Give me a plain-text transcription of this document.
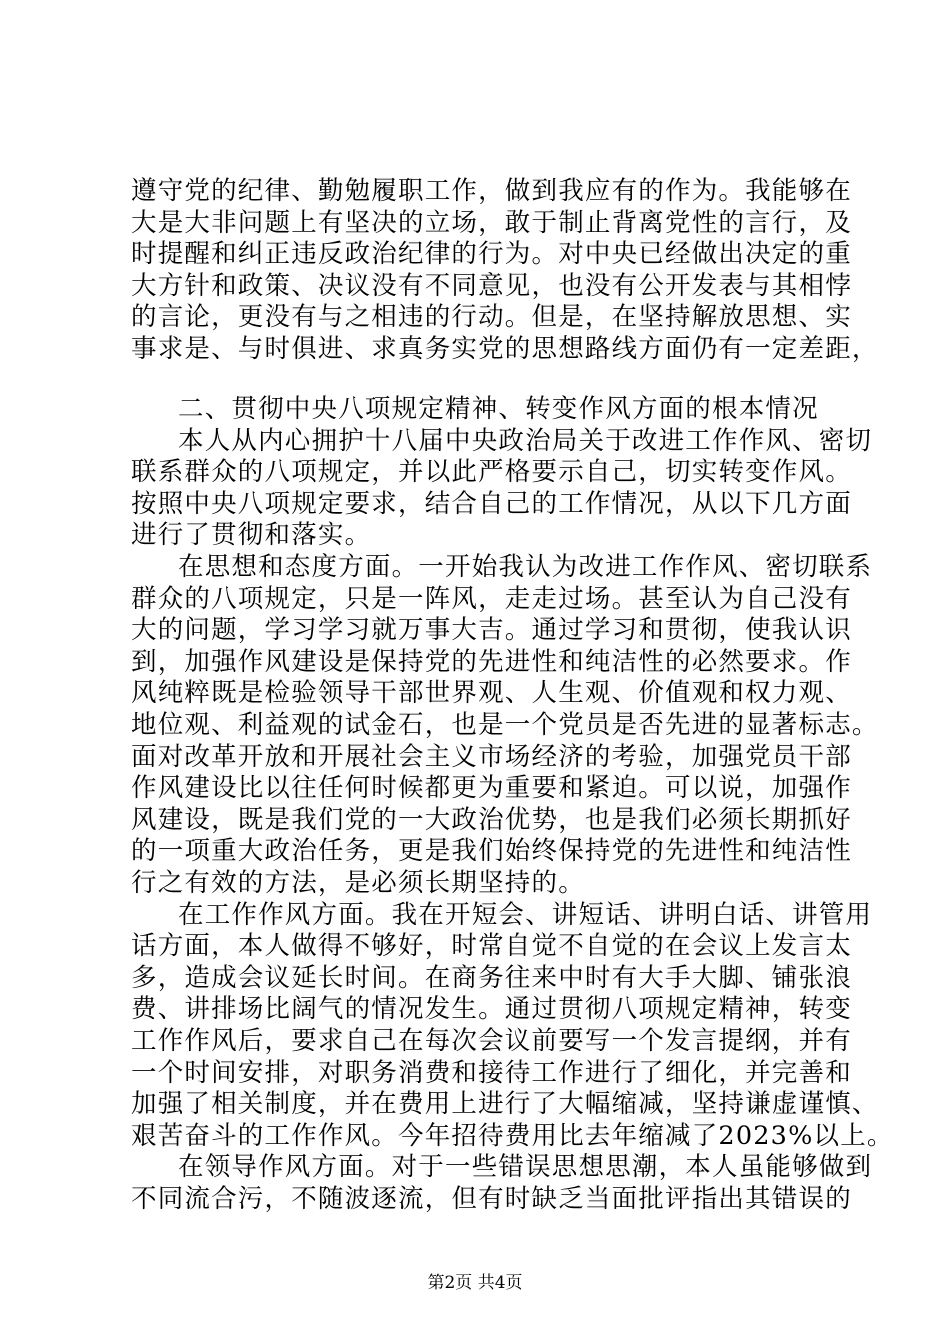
遵守党的纪律、勤勉履职工作，做到我应有的作为。我能够在
大是大非问题上有坚决的立场，敢于制止背离党性的言行，及
时提醒和纠正违反政治纪律的行为。对中央已经做出决定的重
大方针和政策、决议没有不同意见，也没有公开发表与其相悖
的言论，更没有与之相违的行动。但是，在坚持解放思想、实
事求是、与时俱进、求真务实党的思想路线方面仍有一定差距，
二、贯彻中央八项规定精神、转变作风方面的根本情况
本人从内心拥护十八届中央政治局关于改进工作作风、密切
联系群众的八项规定，并以此严格要示自己，切实转变作风。
按照中央八项规定要求，结合自己的工作情况，从以下几方面
进行了贯彻和落实。
在思想和态度方面。一开始我认为改进工作作风、密切联系
群众的八项规定，只是一阵风，走走过场。甚至认为自己没有
大的问题，学习学习就万事大吉。通过学习和贯彻，使我认识
到，加强作风建设是保持党的先进性和纯洁性的必然要求。作
风纯粹既是检验领导干部世界观、人生观、价值观和权力观、
地位观、利益观的试金石，也是一个党员是否先进的显著标志。
面对改革开放和开展社会主义市场经济的考验，加强党员干部
作风建设比以往任何时候都更为重要和紧迫。可以说，加强作
风建设，既是我们党的一大政治优势，也是我们必须长期抓好
的一项重大政治任务，更是我们始终保持党的先进性和纯洁性
行之有效的方法，是必须长期坚持的。
在工作作风方面。我在开短会、讲短话、讲明白话、讲管用
话方面，本人做得不够好，时常自觉不自觉的在会议上发言太
多，造成会议延长时间。在商务往来中时有大手大脚、铺张浪
费、讲排场比阔气的情况发生。通过贯彻八项规定精神，转变
工作作风后，要求自己在每次会议前要写一个发言提纲，并有
一个时间安排，对职务消费和接待工作进行了细化，并完善和
加强了相关制度，并在费用上进行了大幅缩减，坚持谦虚谨慎、
艰苦奋斗的工作作风。今年招待费用比去年缩减了2023%以上。
在领导作风方面。对于一些错误思想思潮，本人虽能够做到
不同流合污，不随波逐流，但有时缺乏当面批评指出其错误的
第2页 共4页
